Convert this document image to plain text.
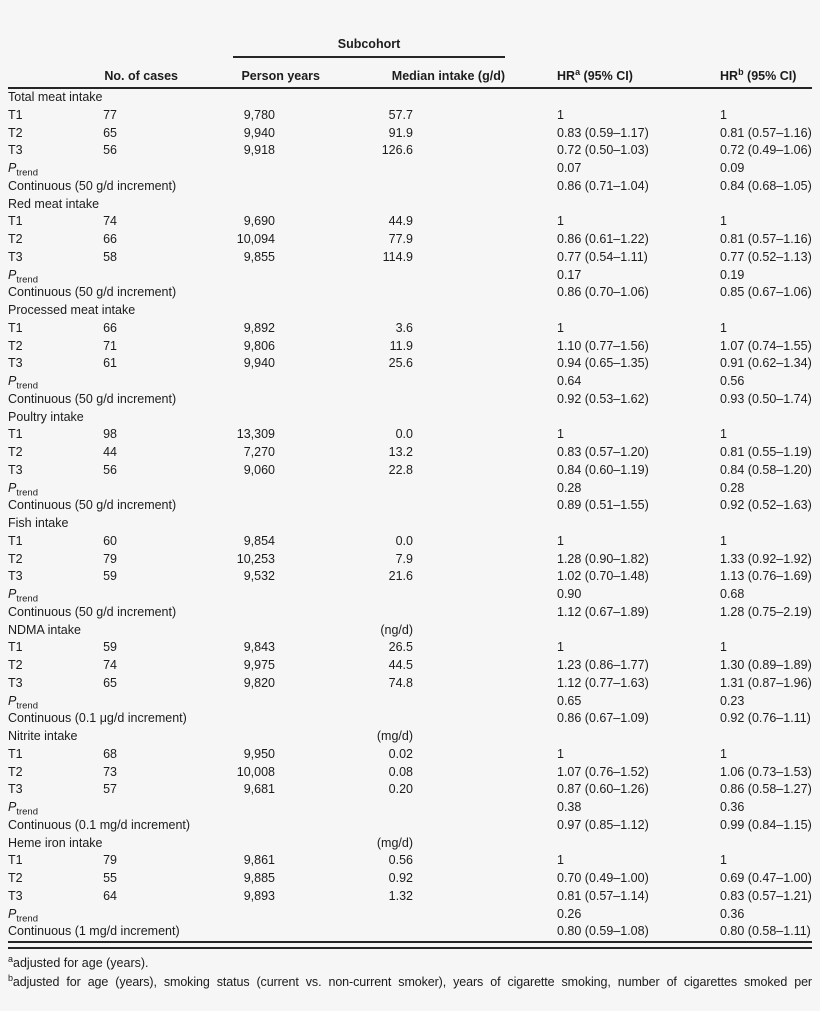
		Subcohort			

	No. of cases	Person years	Median intake (g/d)	$HR^a$ (95% CI)	$HR^b$ (95% CI)
Total meat intake					
T1	77	9,780	57.7	1	1
T2	65	9,940	91.9	0.83 (0.59–1.17)	0.81 (0.57–1.16)
T3	56	9,918	126.6	0.72 (0.50–1.03)	0.72 (0.49–1.06)
$P_{trend}$				0.07	0.09
Continuous (50 g/d increment)				0.86 (0.71–1.04)	0.84 (0.68–1.05)
Red meat intake					
T1	74	9,690	44.9	1	1
T2	66	10,094	77.9	0.86 (0.61–1.22)	0.81 (0.57–1.16)
T3	58	9,855	114.9	0.77 (0.54–1.11)	0.77 (0.52–1.13)
$P_{trend}$				0.17	0.19
Continuous (50 g/d increment)				0.86 (0.70–1.06)	0.85 (0.67–1.06)
Processed meat intake					
T1	66	9,892	3.6	1	1
T2	71	9,806	11.9	1.10 (0.77–1.56)	1.07 (0.74–1.55)
T3	61	9,940	25.6	0.94 (0.65–1.35)	0.91 (0.62–1.34)
$P_{trend}$				0.64	0.56
Continuous (50 g/d increment)				0.92 (0.53–1.62)	0.93 (0.50–1.74)
Poultry intake					
T1	98	13,309	0.0	1	1
T2	44	7,270	13.2	0.83 (0.57–1.20)	0.81 (0.55–1.19)
T3	56	9,060	22.8	0.84 (0.60–1.19)	0.84 (0.58–1.20)
$P_{trend}$				0.28	0.28
Continuous (50 g/d increment)				0.89 (0.51–1.55)	0.92 (0.52–1.63)
Fish intake					
T1	60	9,854	0.0	1	1
T2	79	10,253	7.9	1.28 (0.90–1.82)	1.33 (0.92–1.92)
T3	59	9,532	21.6	1.02 (0.70–1.48)	1.13 (0.76–1.69)
$P_{trend}$				0.90	0.68
Continuous (50 g/d increment)				1.12 (0.67–1.89)	1.28 (0.75–2.19)
NDMA intake			(ng/d)		
T1	59	9,843	26.5	1	1
T2	74	9,975	44.5	1.23 (0.86–1.77)	1.30 (0.89–1.89)
T3	65	9,820	74.8	1.12 (0.77–1.63)	1.31 (0.87–1.96)
$P_{trend}$				0.65	0.23
Continuous (0.1 μg/d increment)				0.86 (0.67–1.09)	0.92 (0.76–1.11)
Nitrite intake			(mg/d)		
T1	68	9,950	0.02	1	1
T2	73	10,008	0.08	1.07 (0.76–1.52)	1.06 (0.73–1.53)
T3	57	9,681	0.20	0.87 (0.60–1.26)	0.86 (0.58–1.27)
$P_{trend}$				0.38	0.36
Continuous (0.1 mg/d increment)				0.97 (0.85–1.12)	0.99 (0.84–1.15)
Heme iron intake			(mg/d)		
T1	79	9,861	0.56	1	1
T2	55	9,885	0.92	0.70 (0.49–1.00)	0.69 (0.47–1.00)
T3	64	9,893	1.32	0.81 (0.57–1.14)	0.83 (0.57–1.21)
$P_{trend}$				0.26	0.36
Continuous (1 mg/d increment)				0.80 (0.59–1.08)	0.80 (0.58–1.11)

$^a$adjusted for age (years).

$^b$adjusted for age (years), smoking status (current vs. non-current smoker), years of cigarette smoking, number of cigarettes smoked per
